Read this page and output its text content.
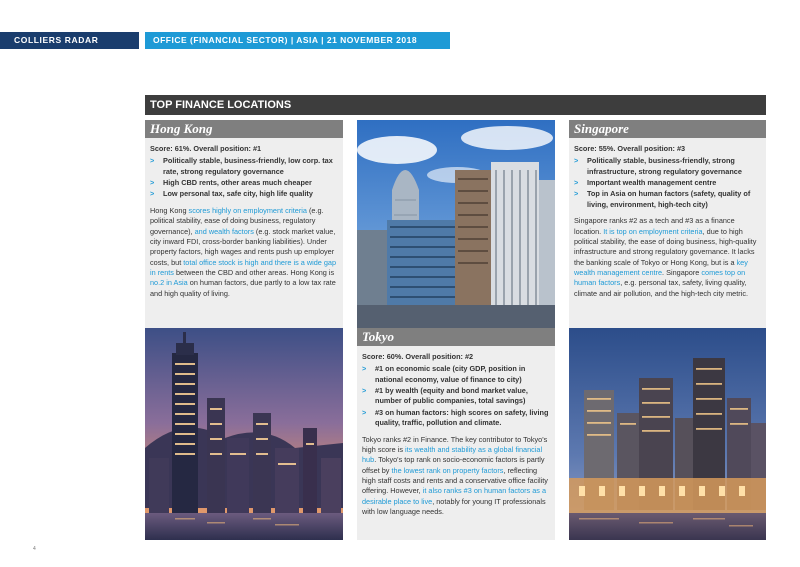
COLLIERS RADAR	OFFICE (FINANCIAL SECTOR) | ASIA | 21 NOVEMBER 2018
TOP FINANCE LOCATIONS
Hong Kong

Score: 61%. Overall position: #1

> Politically stable, business-friendly, low corp. tax rate, strong regulatory governance
> High CBD rents, other areas much cheaper
> Low personal tax, safe city, high life quality

Hong Kong scores highly on employment criteria (e.g. political stability, ease of doing business, regulatory governance), and wealth factors (e.g. stock market value, city inward FDI, cross-border banking liabilities). Under property factors, high wages and rents push up employer costs, but total office stock is high and there is a wide gap in rents between the CBD and other areas. Hong Kong is no.2 in Asia on human factors, due partly to a low tax rate and high quality of living.

Tokyo

Score: 60%. Overall position: #2

> #1 on economic scale (city GDP, position in national economy, value of finance to city)
> #1 by wealth (equity and bond market value, number of public companies, total savings)
> #3 on human factors: high scores on safety, living quality, traffic, pollution and climate.

Tokyo ranks #2 in Finance. The key contributor to Tokyo's high score is its wealth and stability as a global financial hub. Tokyo's top rank on socio-economic factors is partly offset by the lowest rank on property factors, reflecting high staff costs and rents and a conservative office facility offering. However, it also ranks #3 on human factors as a desirable place to live, notably for young IT professionals with low language needs.

Singapore

Score: 55%. Overall position: #3

> Politically stable, business-friendly, strong infrastructure, strong regulatory governance
> Important wealth management centre
> Top in Asia on human factors (safety, quality of living, environment, high-tech city)

Singapore ranks #2 as a tech and #3 as a finance location. It is top on employment criteria, due to high political stability, the ease of doing business, high-quality infrastructure and strong regulatory governance. It lacks the banking scale of Tokyo or Hong Kong, but is a key wealth management centre. Singapore comes top on human factors, e.g. personal tax, safety, living quality, climate and air pollution, and the high-tech city metric.

4
